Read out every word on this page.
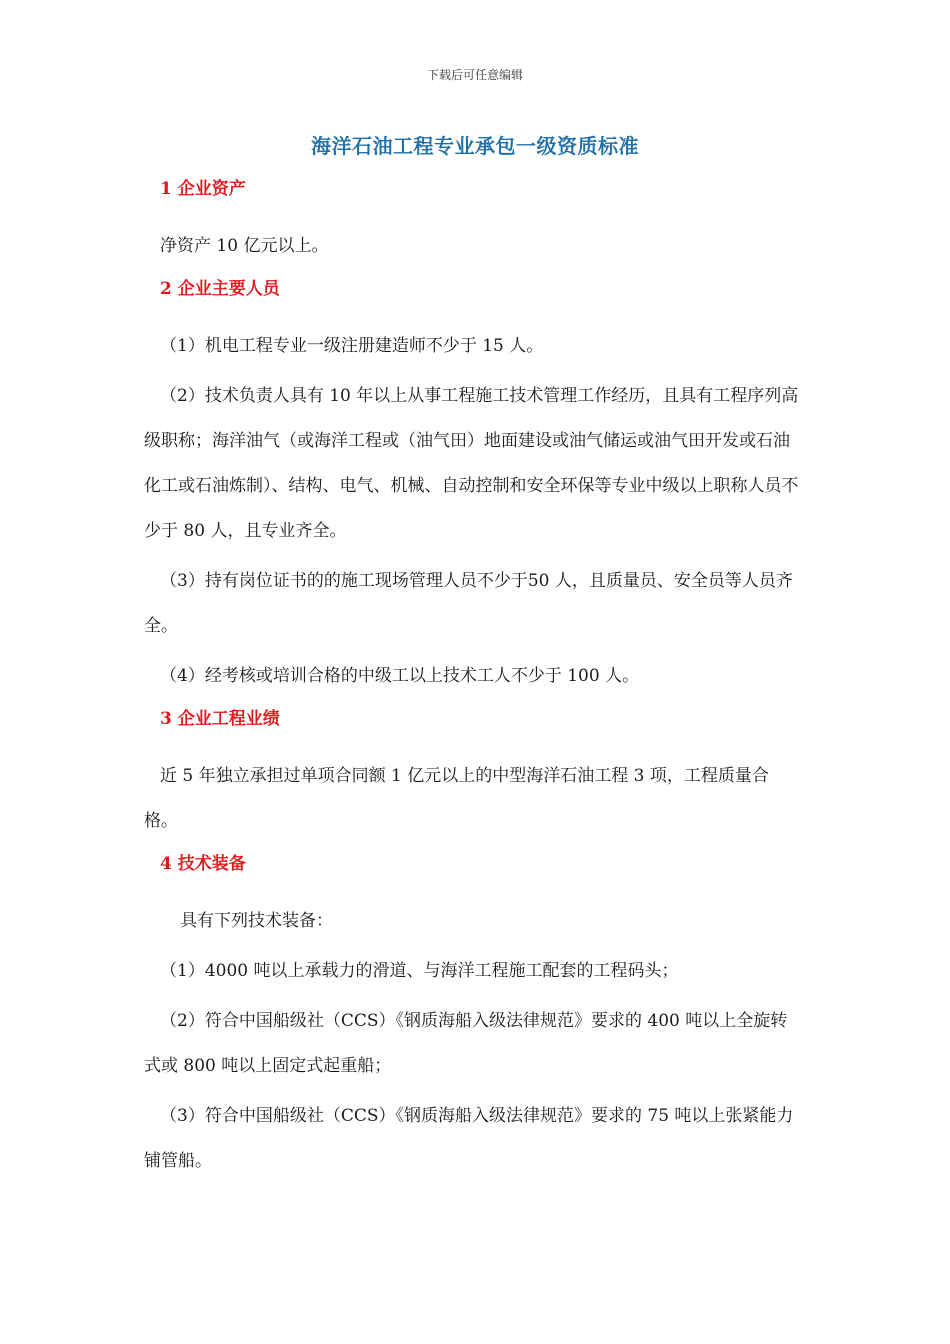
下载后可任意编辑
海洋石油工程专业承包一级资质标准
1 企业资产

净资产 10 亿元以上。

2 企业主要人员

（1）机电工程专业一级注册建造师不少于 15 人。

（2）技术负责人具有 10 年以上从事工程施工技术管理工作经历，且具有工程序列高级职称；海洋油气（或海洋工程或（油气田）地面建设或油气储运或油气田开发或石油化工或石油炼制）、结构、电气、机械、自动控制和安全环保等专业中级以上职称人员不少于 80 人，且专业齐全。

（3）持有岗位证书的的施工现场管理人员不少于50 人，且质量员、安全员等人员齐全。

（4）经考核或培训合格的中级工以上技术工人不少于 100 人。

3 企业工程业绩

近 5 年独立承担过单项合同额 1 亿元以上的中型海洋石油工程 3 项，工程质量合格。

4 技术装备

具有下列技术装备：

（1）4000 吨以上承载力的滑道、与海洋工程施工配套的工程码头；

（2）符合中国船级社（CCS）《钢质海船入级法律规范》要求的 400 吨以上全旋转式或 800 吨以上固定式起重船；

（3）符合中国船级社（CCS）《钢质海船入级法律规范》要求的 75 吨以上张紧能力铺管船。
